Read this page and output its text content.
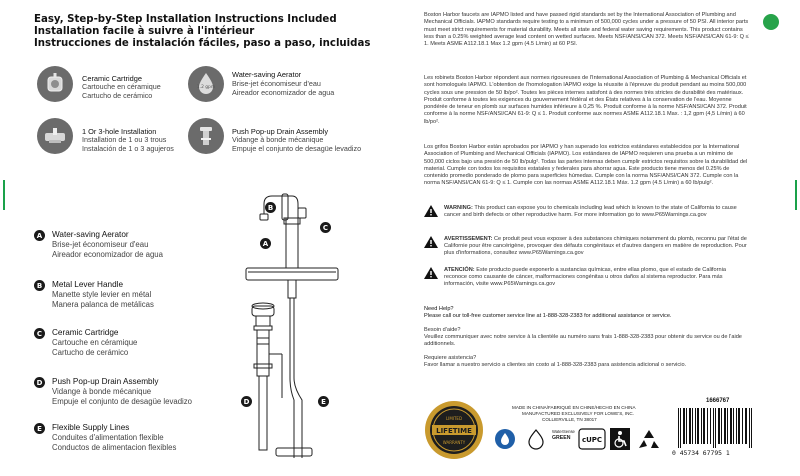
Easy, Step-by-Step Installation Instructions Included
Installation facile à suivre à l'intérieur
Instrucciones de instalación fáciles, paso a paso, incluidas
Ceramic Cartridge
Cartouche en céramique
Cartucho de cerámico
1.2 gpm
Water-saving Aerator
Brise-jet économiseur d'eau
Aireador economizador de agua
1 Or 3-hole Installation
Installation de 1 ou 3 trous
Instalación de 1 o 3 agujeros
Push Pop-up Drain Assembly
Vidange à bonde mécanique
Empuje el conjunto de desagüe levadizo
A	Water-saving Aerator
Brise-jet économiseur d'eau
Aireador economizador de agua
B	Metal Lever Handle
Manette style levier en métal
Manera palanca de metálicas
C	Ceramic Cartridge
Cartouche en céramique
Cartucho de cerámico
D	Push Pop-up Drain Assembly
Vidange à bonde mécanique
Empuje el conjunto de desagüe levadizo
E	Flexible Supply Lines
Conduites d'alimentation flexible
Conductos de alimentacion flexibles
B
C
A
D	E
Boston Harbor faucets are IAPMO listed and have passed rigid standards set by the International Association of Plumbing and Mechanical Officials. IAPMO standards require testing to a minimum of 500,000 cycles under a pressure of 50 PSI. All interior parts must meet strict requirements for material durability. Meets all state and federal water saving requirements. This product contains less than a 0.25% weighted average lead content on wetted surfaces. Meets NSF/ANSI/CAN 372. Meets NSF/ANSI/CAN 61-9: Q ≤ 1. Meets ASME A112.18.1 Max 1.2 gpm (4.5 L/min) at 60 PSI.
Les robinets Boston Harbor répondent aux normes rigoureuses de l'International Association of Plumbing & Mechanical Officials et sont homologués IAPMO. L'obtention de l'homologation IAPMO exige la réussite à l'épreuve du produit pendant au moins 500,000 cycles sous une pression de 50 lb/po². Toutes les pièces internes satisfont à des normes très strictes de durabilité des matériaux. Produit conforme à toutes les exigences du gouvernement fédéral et des États relatives à la conservation de l'eau. Moyenne pondérée de teneur en plomb sur surfaces humides inférieure à 0,25 %. Produit conforme à la norme NSF/ANSI/CAN 372. Produit conforme à la norme NSF/ANSI/CAN 61-9: Q ≤ 1. Produit conforme aux normes ASME A112.18.1 Max. : 1,2 gpm (4,5 L/min) à 60 lb/po².
Los grifos Boston Harbor están aprobados por IAPMO y han superado los estrictos estándares establecidos por la International Association of Plumbing and Mechanical Officials (IAPMO). Los estándares de IAPMO requieren una prueba a un mínimo de 500,000 ciclos bajo una presión de 50 lb/pulg². Todas las partes internas deben cumplir estrictos requisitos sobre la durabilidad del material. Cumple con todos los requisitos estatales y federales para ahorrar agua. Este producto tiene menos del 0.25% de contenido promedio ponderado de plomo para superficies húmedas. Cumple con la norma NSF/ANSI/CAN 372. Cumple con la norma NSF/ANSI/CAN 61-9: Q ≤ 1. Cumple con las normas ASME A112.18.1 Máx. 1.2 gpm (4.5 L/min) a 60 lb/pulg².
WARNING: This product can expose you to chemicals including lead which is known to the state of California to cause cancer and birth defects or other reproductive harm. For more information go to www.P65Warnings.ca.gov
AVERTISSEMENT: Ce produit peut vous exposer à des substances chimiques notamment du plomb, reconnu par l'état de Californie pour être cancérigène, provoquer des défauts congénitaux et d'autres dangers en matière de reproduction. Pour plus d'informations, consultez www.P65Warnings.ca.gov
ATENCIÓN: Este producto puede exponerlo a sustancias químicas, entre ellas plomo, que el estado de California reconoce como causante de cáncer, malformaciones congénitas u otros daños al sistema reproductor. Para más información, visite www.P65Warnings.ca.gov
Need Help?
Please call our toll-free customer service line at 1-888-328-2383 for additional assistance or service.
Besoin d'aide?
Veuillez communiquer avec notre service à la clientèle au numéro sans frais 1-888-328-2383 pour obtenir du service ou de l'aide additionnels.
Requiere asistencia?
Favor llamar a nuestro servicio a clientes sin costo al 1-888-328-2383 para asistencia adicional o servicio.
LIFETIME
LIMITED
WARRANTY
MADE IN CHINA/FABRIQUÉ EN CHINE/HECHO EN CHINA
MANUFACTURED EXCLUSIVELY FOR LOWE'S, INC.
COLLIERVILLE, TN 38017
WaterSense
GREEN cUPC
1666767
0 45734 67795 1
